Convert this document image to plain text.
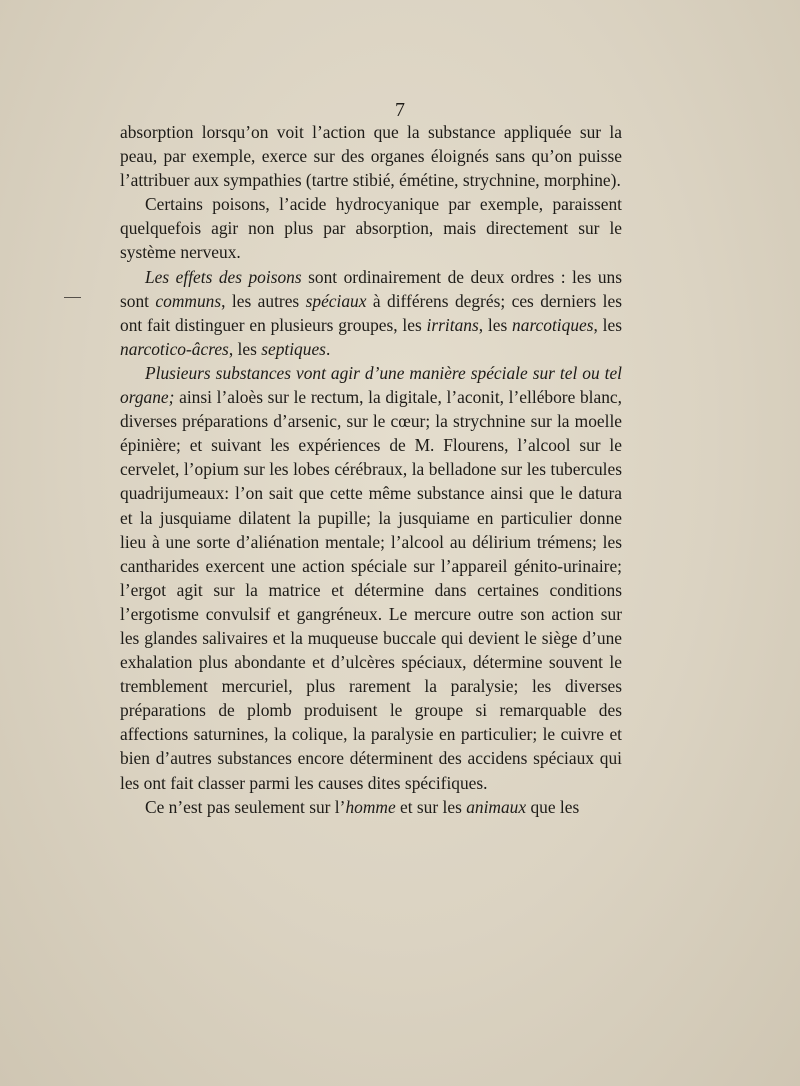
7

absorption lorsqu’on voit l’action que la substance appliquée sur la peau, par exemple, exerce sur des organes éloignés sans qu’on puisse l’attribuer aux sympathies (tartre stibié, émétine, strychnine, morphine).

Certains poisons, l’acide hydrocyanique par exemple, paraissent quelquefois agir non plus par absorption, mais directement sur le système nerveux.

Les effets des poisons sont ordinairement de deux ordres : les uns sont communs, les autres spéciaux à différens degrés; ces derniers les ont fait distinguer en plusieurs groupes, les irritans, les narcotiques, les narcotico-âcres, les septiques.

Plusieurs substances vont agir d’une manière spéciale sur tel ou tel organe; ainsi l’aloès sur le rectum, la digitale, l’aconit, l’ellébore blanc, diverses préparations d’arsenic, sur le cœur; la strychnine sur la moelle épinière; et suivant les expériences de M. Flourens, l’alcool sur le cervelet, l’opium sur les lobes cérébraux, la belladone sur les tubercules quadrijumeaux: l’on sait que cette même substance ainsi que le datura et la jusquiame dilatent la pupille; la jusquiame en particulier donne lieu à une sorte d’aliénation mentale; l’alcool au délirium trémens; les cantharides exercent une action spéciale sur l’appareil génito-urinaire; l’ergot agit sur la matrice et détermine dans certaines conditions l’ergotisme convulsif et gangréneux. Le mercure outre son action sur les glandes salivaires et la muqueuse buccale qui devient le siège d’une exhalation plus abondante et d’ulcères spéciaux, détermine souvent le tremblement mercuriel, plus rarement la paralysie; les diverses préparations de plomb produisent le groupe si remarquable des affections saturnines, la colique, la paralysie en particulier; le cuivre et bien d’autres substances encore déterminent des accidens spéciaux qui les ont fait classer parmi les causes dites spécifiques.

Ce n’est pas seulement sur l’homme et sur les animaux que les
